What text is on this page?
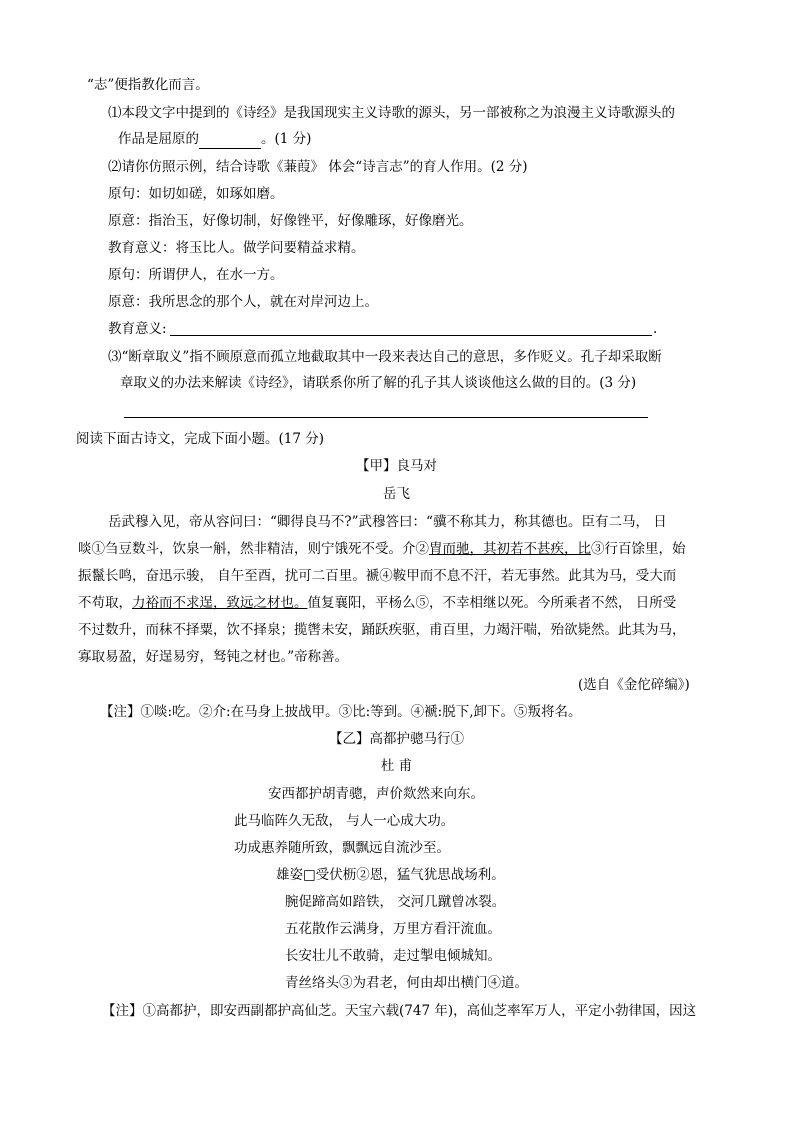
“志”便指教化而言。
⑴本段文字中提到的《诗经》是我国现实主义诗歌的源头，另一部被称之为浪漫主义诗歌源头的
作品是屈原的	。(1 分)
⑵请你仿照示例，结合诗歌《蒹葭》 体会“诗言志”的育人作用。(2 分)
原句：如切如磋，如琢如磨。
原意：指治玉，好像切制，好像锉平，好像雕琢，好像磨光。
教育意义：将玉比人。做学问要精益求精。
原句：所谓伊人，在水一方。
原意：我所思念的那个人，就在对岸河边上。
教育意义:	.
⑶“断章取义”指不顾原意而孤立地截取其中一段来表达自己的意思，多作贬义。孔子却采取断
章取义的办法来解读《诗经》，请联系你所了解的孔子其人谈谈他这么做的目的。(3 分)
阅读下面古诗文，完成下面小题。(17 分)
【甲】良马对
岳飞
岳武穆入见，帝从容问曰：“卿得良马不?”武穆答曰：“骥不称其力，称其德也。臣有二马， 日
啖①刍豆数斗，饮泉一斛，然非精洁，则宁饿死不受。介②胄而驰，其初若不甚疾，比③行百馀里，始
振鬣长鸣，奋迅示骏， 自午至酉，扰可二百里。褫④鞍甲而不息不汗，若无事然。此其为马，受大而
不苟取，力裕而不求逞，致远之材也。值复襄阳，平杨么⑤，不幸相继以死。今所乘者不然， 日所受
不过数升，而秣不择粟，饮不择泉；揽辔未安，踊跃疾驱，甫百里，力竭汗喘，殆欲毙然。此其为马，
寡取易盈，好逞易穷，驽钝之材也。”帝称善。
(选自《金佗碎编》)
【注】①啖:吃。②介:在马身上披战甲。③比:等到。④褫:脱下,卸下。⑤叛将名。
【乙】高都护骢马行①
杜 甫
安西都护胡青骢，声价欻然来向东。
此马临阵久无敌， 与人一心成大功。
功成惠养随所致，飘飘远自流沙至。
雄姿□受伏枥②恩，猛气犹思战场利。
腕促蹄高如踣铁， 交河几蹴曾冰裂。
五花散作云满身，万里方看汗流血。
长安壮儿不敢骑，走过掣电倾城知。
青丝络头③为君老，何由却出横门④道。
【注】①高都护，即安西副都护高仙芝。天宝六载(747 年)，高仙芝率军万人，平定小勃律国，因这
